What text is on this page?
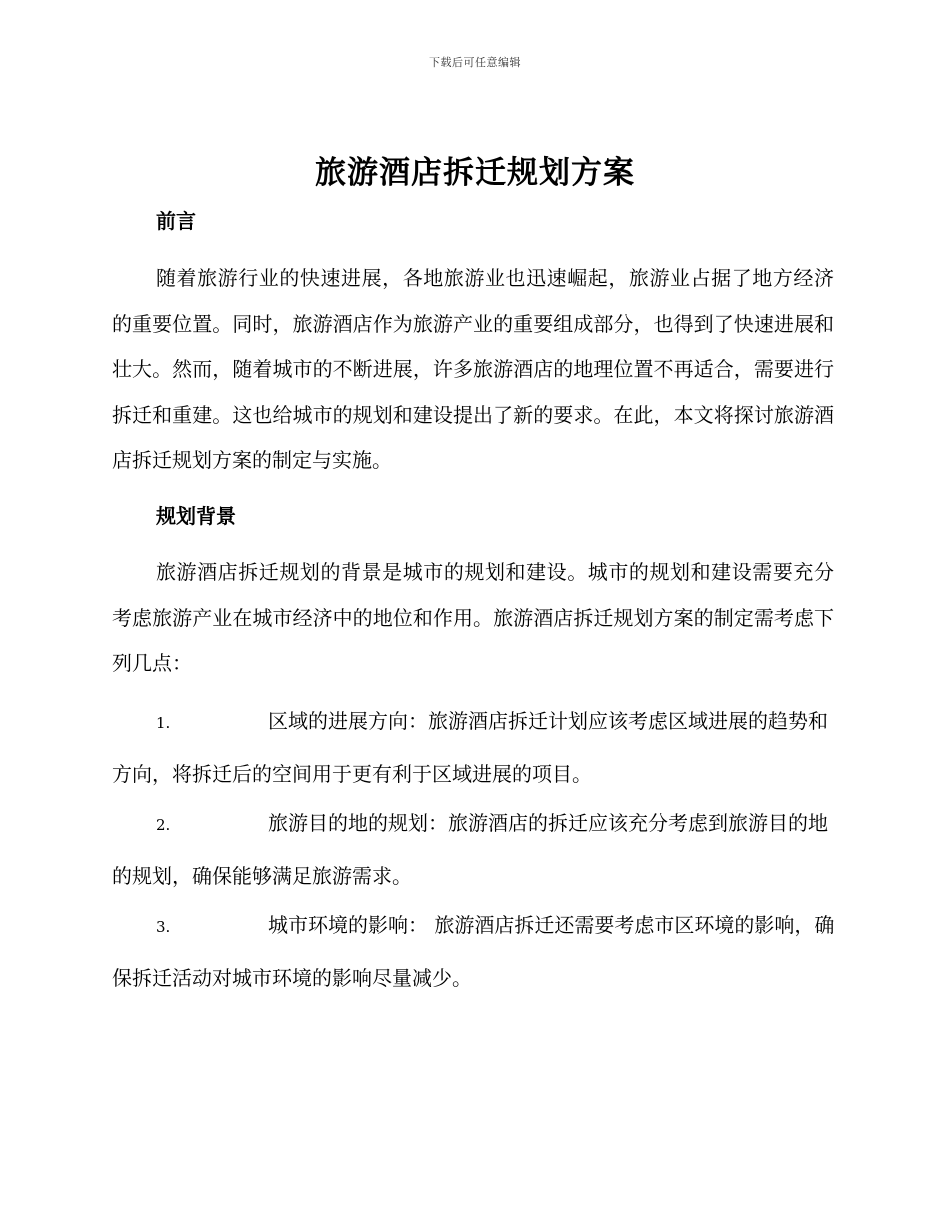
下载后可任意编辑
旅游酒店拆迁规划方案
前言
随着旅游行业的快速进展，各地旅游业也迅速崛起，旅游业占据了地方经济的重要位置。同时，旅游酒店作为旅游产业的重要组成部分，也得到了快速进展和壮大。然而，随着城市的不断进展，许多旅游酒店的地理位置不再适合，需要进行拆迁和重建。这也给城市的规划和建设提出了新的要求。在此，本文将探讨旅游酒店拆迁规划方案的制定与实施。
规划背景
旅游酒店拆迁规划的背景是城市的规划和建设。城市的规划和建设需要充分考虑旅游产业在城市经济中的地位和作用。旅游酒店拆迁规划方案的制定需考虑下列几点：
1.	区域的进展方向：旅游酒店拆迁计划应该考虑区域进展的趋势和方向，将拆迁后的空间用于更有利于区域进展的项目。
2.	旅游目的地的规划：旅游酒店的拆迁应该充分考虑到旅游目的地的规划，确保能够满足旅游需求。
3.	城市环境的影响： 旅游酒店拆迁还需要考虑市区环境的影响，确保拆迁活动对城市环境的影响尽量减少。
